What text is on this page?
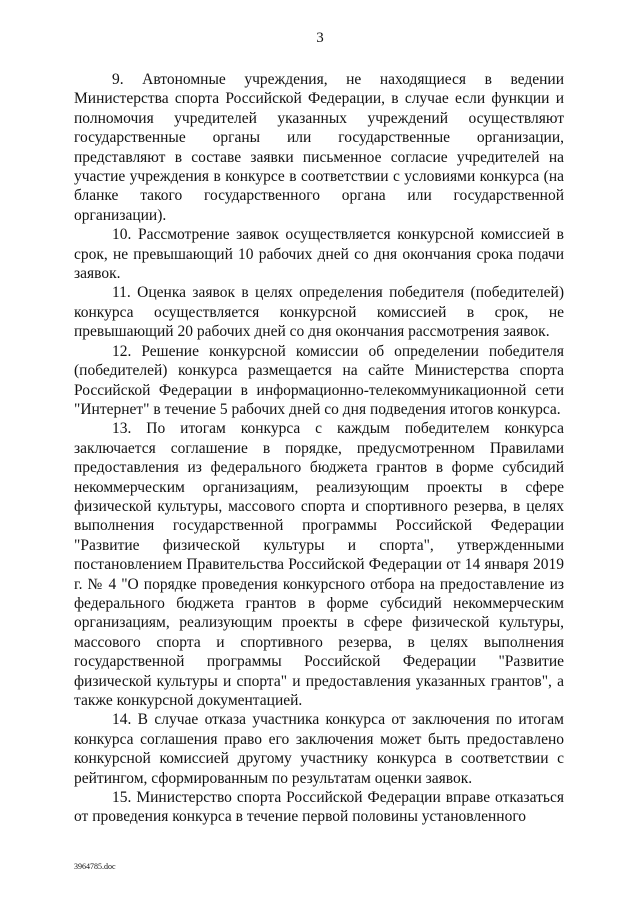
3

9. Автономные учреждения, не находящиеся в ведении Министерства спорта Российской Федерации, в случае если функции и полномочия учредителей указанных учреждений осуществляют государственные органы или государственные организации, представляют в составе заявки письменное согласие учредителей на участие учреждения в конкурсе в соответствии с условиями конкурса (на бланке такого государственного органа или государственной организации).

10. Рассмотрение заявок осуществляется конкурсной комиссией в срок, не превышающий 10 рабочих дней со дня окончания срока подачи заявок.

11. Оценка заявок в целях определения победителя (победителей) конкурса осуществляется конкурсной комиссией в срок, не превышающий 20 рабочих дней со дня окончания рассмотрения заявок.

12. Решение конкурсной комиссии об определении победителя (победителей) конкурса размещается на сайте Министерства спорта Российской Федерации в информационно-телекоммуникационной сети "Интернет" в течение 5 рабочих дней со дня подведения итогов конкурса.

13. По итогам конкурса с каждым победителем конкурса заключается соглашение в порядке, предусмотренном Правилами предоставления из федерального бюджета грантов в форме субсидий некоммерческим организациям, реализующим проекты в сфере физической культуры, массового спорта и спортивного резерва, в целях выполнения государственной программы Российской Федерации "Развитие физической культуры и спорта", утвержденными постановлением Правительства Российской Федерации от 14 января 2019 г. № 4 "О порядке проведения конкурсного отбора на предоставление из федерального бюджета грантов в форме субсидий некоммерческим организациям, реализующим проекты в сфере физической культуры, массового спорта и спортивного резерва, в целях выполнения государственной программы Российской Федерации "Развитие физической культуры и спорта" и предоставления указанных грантов", а также конкурсной документацией.

14. В случае отказа участника конкурса от заключения по итогам конкурса соглашения право его заключения может быть предоставлено конкурсной комиссией другому участнику конкурса в соответствии с рейтингом, сформированным по результатам оценки заявок.

15. Министерство спорта Российской Федерации вправе отказаться от проведения конкурса в течение первой половины установленного

3964785.doc
